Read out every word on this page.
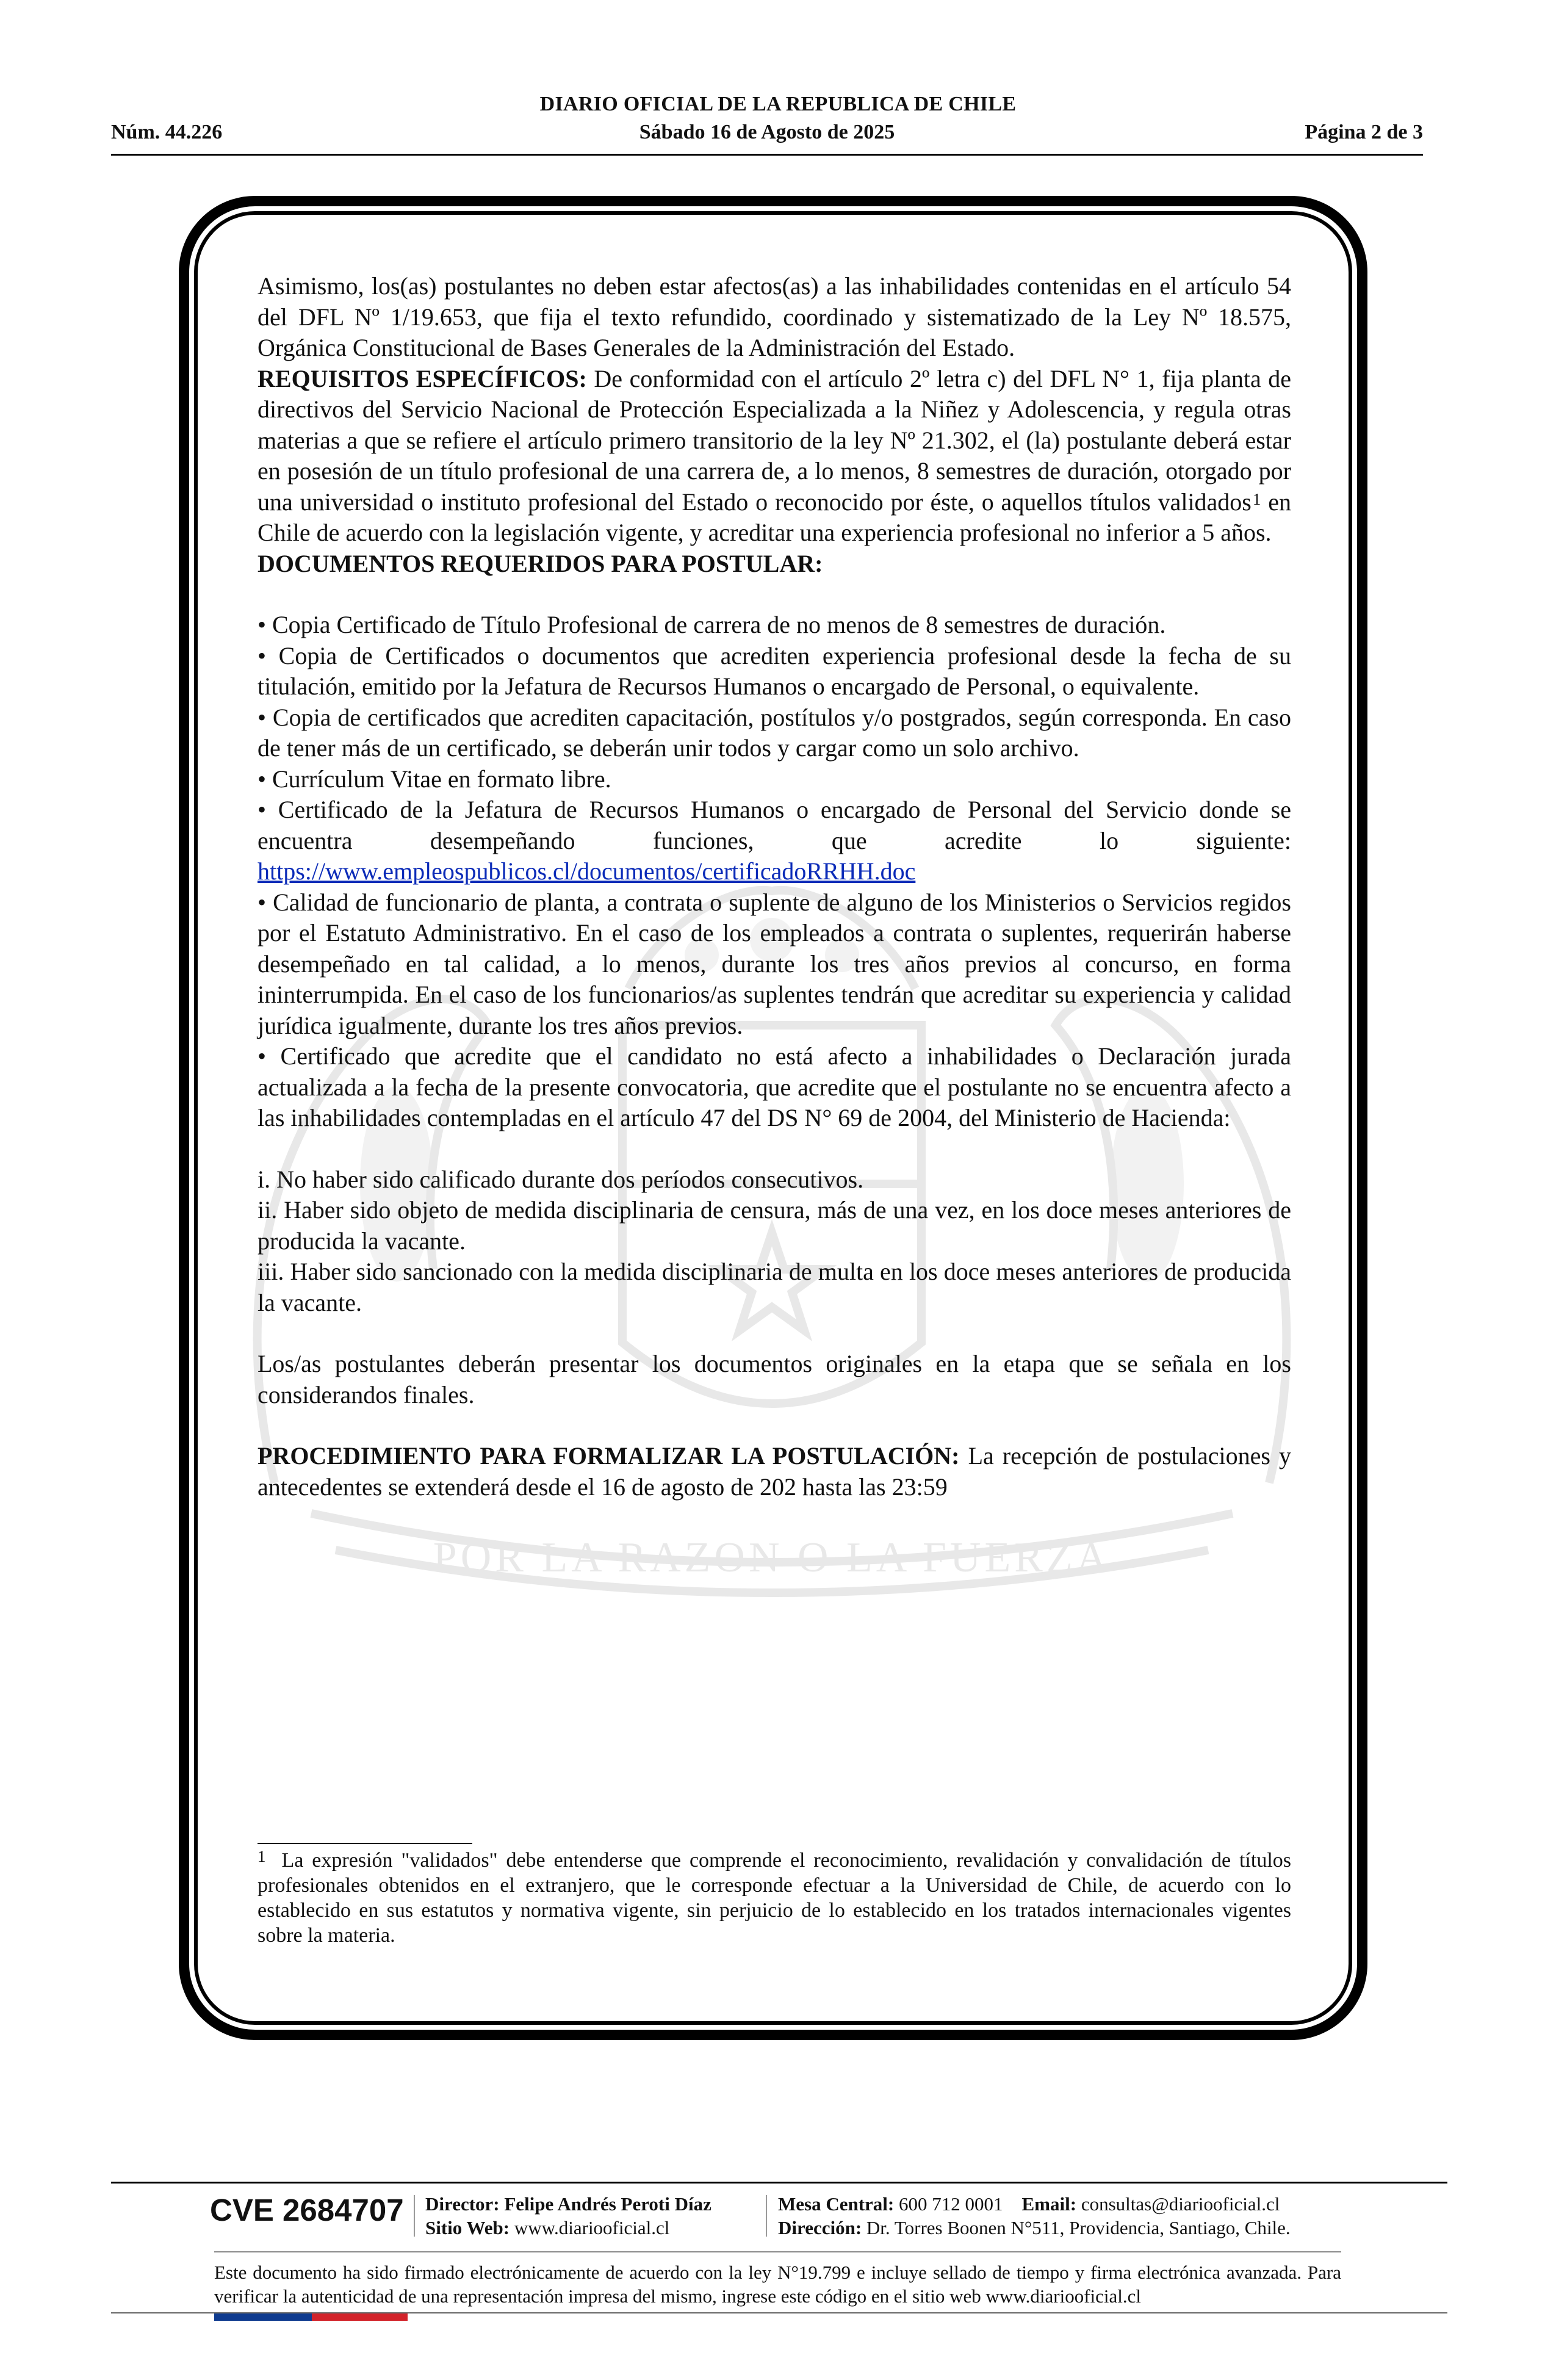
DIARIO OFICIAL DE LA REPUBLICA DE CHILE
Sábado 16 de Agosto de 2025
Núm. 44.226	Página 2 de 3
POR LA RAZON O LA FUERZA

Asimismo, los(as) postulantes no deben estar afectos(as) a las inhabilidades contenidas en el artículo 54 del DFL Nº 1/19.653, que fija el texto refundido, coordinado y sistematizado de la Ley Nº 18.575, Orgánica Constitucional de Bases Generales de la Administración del Estado.

REQUISITOS ESPECÍFICOS: De conformidad con el artículo 2º letra c) del DFL N° 1, fija planta de directivos del Servicio Nacional de Protección Especializada a la Niñez y Adolescencia, y regula otras materias a que se refiere el artículo primero transitorio de la ley Nº 21.302, el (la) postulante deberá estar en posesión de un título profesional de una carrera de, a lo menos, 8 semestres de duración, otorgado por una universidad o instituto profesional del Estado o reconocido por éste, o aquellos títulos validados$^1$ en Chile de acuerdo con la legislación vigente, y acreditar una experiencia profesional no inferior a 5 años.

DOCUMENTOS REQUERIDOS PARA POSTULAR:

• Copia Certificado de Título Profesional de carrera de no menos de 8 semestres de duración.

• Copia de Certificados o documentos que acrediten experiencia profesional desde la fecha de su titulación, emitido por la Jefatura de Recursos Humanos o encargado de Personal, o equivalente.

• Copia de certificados que acrediten capacitación, postítulos y/o postgrados, según corresponda. En caso de tener más de un certificado, se deberán unir todos y cargar como un solo archivo.

• Currículum Vitae en formato libre.

• Certificado de la Jefatura de Recursos Humanos o encargado de Personal del Servicio donde se encuentra desempeñando funciones, que acredite lo siguiente: https://www.empleospublicos.cl/documentos/certificadoRRHH.doc

• Calidad de funcionario de planta, a contrata o suplente de alguno de los Ministerios o Servicios regidos por el Estatuto Administrativo. En el caso de los empleados a contrata o suplentes, requerirán haberse desempeñado en tal calidad, a lo menos, durante los tres años previos al concurso, en forma ininterrumpida. En el caso de los funcionarios/as suplentes tendrán que acreditar su experiencia y calidad jurídica igualmente, durante los tres años previos.

• Certificado que acredite que el candidato no está afecto a inhabilidades o Declaración jurada actualizada a la fecha de la presente convocatoria, que acredite que el postulante no se encuentra afecto a las inhabilidades contempladas en el artículo 47 del DS N° 69 de 2004, del Ministerio de Hacienda:

i. No haber sido calificado durante dos períodos consecutivos.

ii. Haber sido objeto de medida disciplinaria de censura, más de una vez, en los doce meses anteriores de producida la vacante.

iii. Haber sido sancionado con la medida disciplinaria de multa en los doce meses anteriores de producida la vacante.

Los/as postulantes deberán presentar los documentos originales en la etapa que se señala en los considerandos finales.

PROCEDIMIENTO PARA FORMALIZAR LA POSTULACIÓN: La recepción de postulaciones y antecedentes se extenderá desde el 16 de agosto de 202 hasta las 23:59

$^1$ La expresión "validados" debe entenderse que comprende el reconocimiento, revalidación y convalidación de títulos profesionales obtenidos en el extranjero, que le corresponde efectuar a la Universidad de Chile, de acuerdo con lo establecido en sus estatutos y normativa vigente, sin perjuicio de lo establecido en los tratados internacionales vigentes sobre la materia.
CVE 2684707 Director: Felipe Andrés Peroti Díaz
Sitio Web: www.diariooficial.cl
Mesa Central: 600 712 0001 Email: consultas@diariooficial.cl
Dirección: Dr. Torres Boonen N°511, Providencia, Santiago, Chile.
Este documento ha sido firmado electrónicamente de acuerdo con la ley N°19.799 e incluye sellado de tiempo y firma electrónica avanzada. Para verificar la autenticidad de una representación impresa del mismo, ingrese este código en el sitio web www.diariooficial.cl
